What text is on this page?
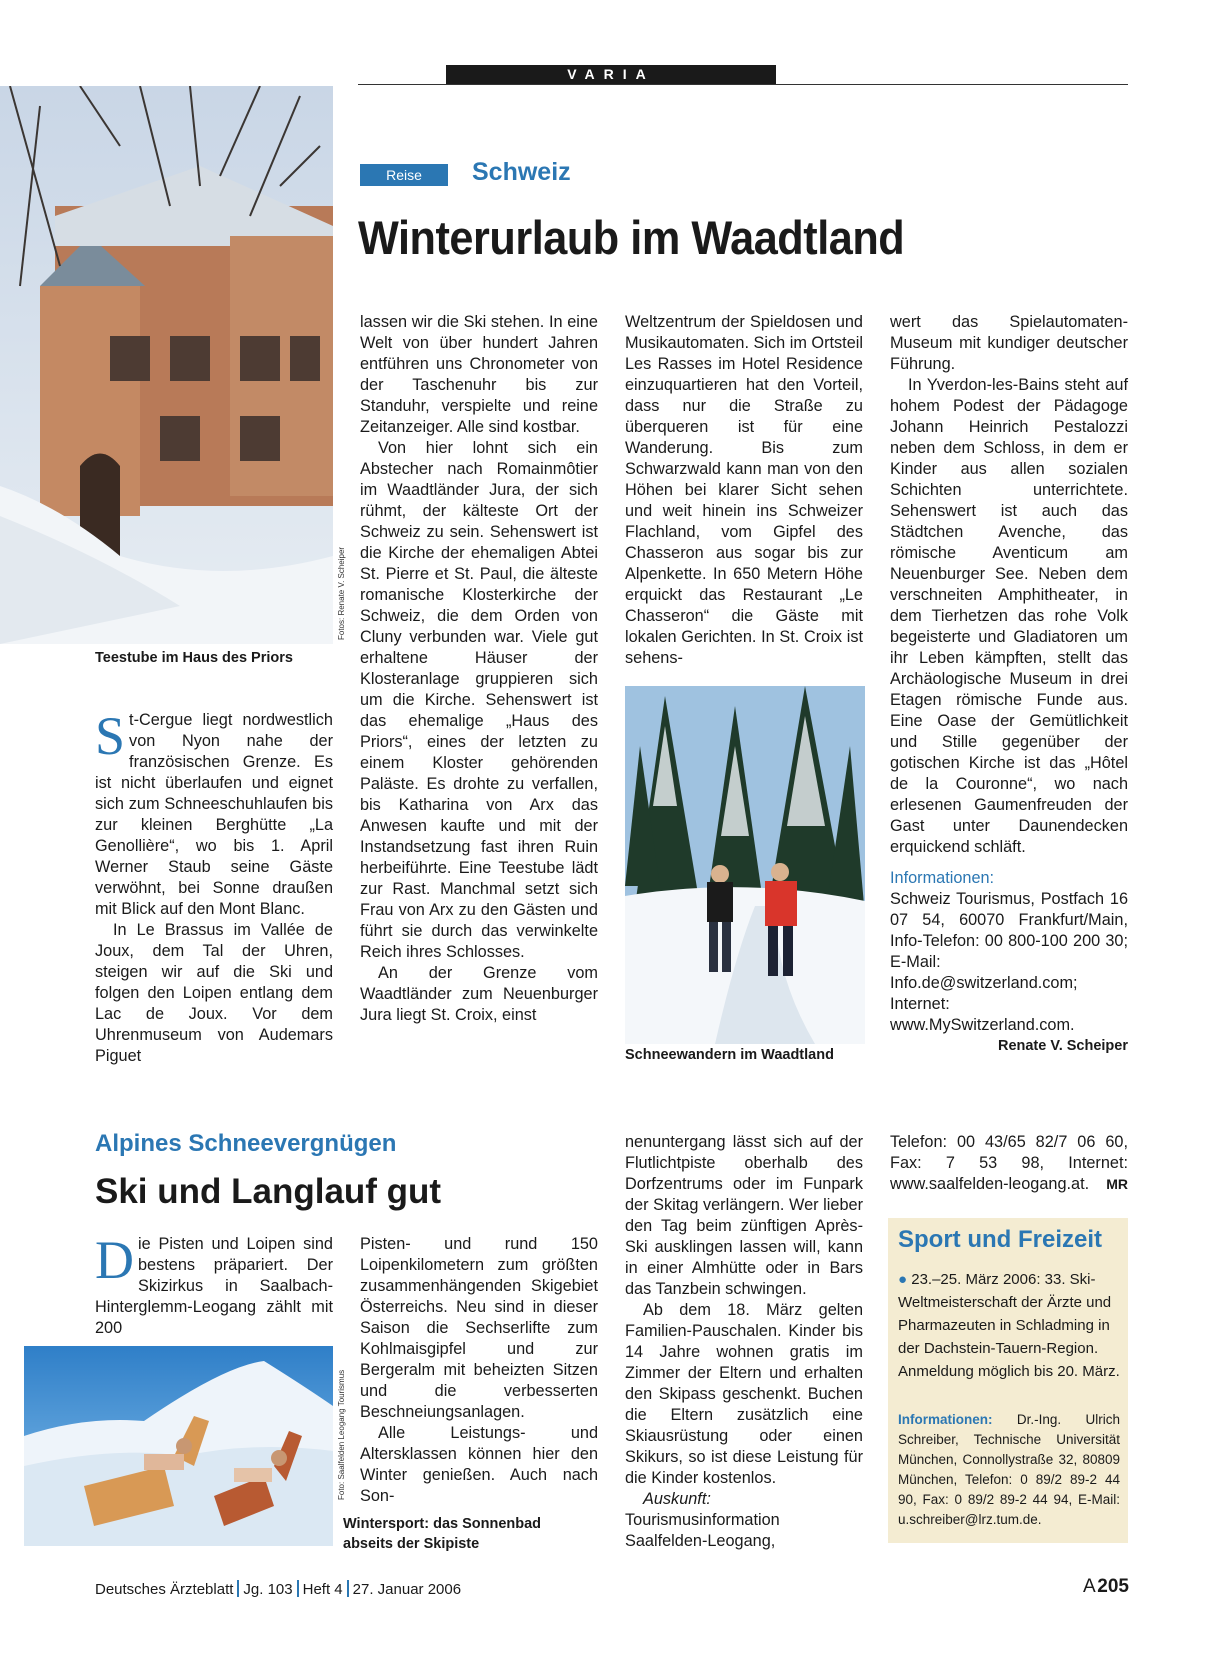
VARIA
Fotos: Renate V. Scheiper
Teestube im Haus des Priors
Reise	Schweiz
Winterurlaub im Waadtland

St-Cergue liegt nordwestlich von Nyon nahe der französischen Grenze. Es ist nicht überlaufen und eignet sich zum Schneeschuhlaufen bis zur kleinen Berghütte „La Genollière“, wo bis 1. April Werner Staub seine Gäste verwöhnt, bei Sonne draußen mit Blick auf den Mont Blanc.

In Le Brassus im Vallée de Joux, dem Tal der Uhren, steigen wir auf die Ski und folgen den Loipen entlang dem Lac de Joux. Vor dem Uhrenmuseum von Audemars Piguet

lassen wir die Ski stehen. In eine Welt von über hundert Jahren entführen uns Chronometer von der Taschenuhr bis zur Standuhr, verspielte und reine Zeitanzeiger. Alle sind kostbar.

Von hier lohnt sich ein Abstecher nach Romainmôtier im Waadtländer Jura, der sich rühmt, der kälteste Ort der Schweiz zu sein. Sehenswert ist die Kirche der ehemaligen Abtei St. Pierre et St. Paul, die älteste romanische Klosterkirche der Schweiz, die dem Orden von Cluny verbunden war. Viele gut erhaltene Häuser der Klosteranlage gruppieren sich um die Kirche. Sehenswert ist das ehemalige „Haus des Priors“, eines der letzten zu einem Kloster gehörenden Paläste. Es drohte zu verfallen, bis Katharina von Arx das Anwesen kaufte und mit der Instandsetzung fast ihren Ruin herbeiführte. Eine Teestube lädt zur Rast. Manchmal setzt sich Frau von Arx zu den Gästen und führt sie durch das verwinkelte Reich ihres Schlosses.

An der Grenze vom Waadtländer zum Neuenburger Jura liegt St. Croix, einst

Weltzentrum der Spieldosen und Musikautomaten. Sich im Ortsteil Les Rasses im Hotel Residence einzuquartieren hat den Vorteil, dass nur die Straße zu überqueren ist für eine Wanderung. Bis zum Schwarzwald kann man von den Höhen bei klarer Sicht sehen und weit hinein ins Schweizer Flachland, vom Gipfel des Chasseron aus sogar bis zur Alpenkette. In 650 Metern Höhe erquickt das Restaurant „Le Chasseron“ die Gäste mit lokalen Gerichten. In St. Croix ist sehens-

Schneewandern im Waadtland

wert das Spielautomaten-Museum mit kundiger deutscher Führung.

In Yverdon-les-Bains steht auf hohem Podest der Pädagoge Johann Heinrich Pestalozzi neben dem Schloss, in dem er Kinder aus allen sozialen Schichten unterrichtete. Sehenswert ist auch das Städtchen Avenche, das römische Aventicum am Neuenburger See. Neben dem verschneiten Amphitheater, in dem Tierhetzen das rohe Volk begeisterte und Gladiatoren um ihr Leben kämpften, stellt das Archäologische Museum in drei Etagen römische Funde aus. Eine Oase der Gemütlichkeit und Stille gegenüber der gotischen Kirche ist das „Hôtel de la Couronne“, wo nach erlesenen Gaumenfreuden der Gast unter Daunendecken erquickend schläft.

Informationen:
Schweiz Tourismus, Postfach 16 07 54, 60070 Frankfurt/Main, Info-Telefon: 00 800-100 200 30; E-Mail: Info.de@switzerland.com; Internet: www.MySwitzerland.com.
Renate V. Scheiper
Alpines Schneevergnügen
Ski und Langlauf gut

Die Pisten und Loipen sind bestens präpariert. Der Skizirkus in Saalbach-Hinterglemm-Leogang zählt mit 200

Foto: Saalfelden Leogang Tourismus
Wintersport: das Sonnenbad
abseits der Skipiste

Pisten- und rund 150 Loipenkilometern zum größten zusammenhängenden Skigebiet Österreichs. Neu sind in dieser Saison die Sechserlifte zum Kohlmaisgipfel und zur Bergeralm mit beheizten Sitzen und die verbesserten Beschneiungsanlagen.

Alle Leistungs- und Altersklassen können hier den Winter genießen. Auch nach Son-

nenuntergang lässt sich auf der Flutlichtpiste oberhalb des Dorfzentrums oder im Funpark der Skitag verlängern. Wer lieber den Tag beim zünftigen Après-Ski ausklingen lassen will, kann in einer Almhütte oder in Bars das Tanzbein schwingen.

Ab dem 18. März gelten Familien-Pauschalen. Kinder bis 14 Jahre wohnen gratis im Zimmer der Eltern und erhalten den Skipass geschenkt. Buchen die Eltern zusätzlich eine Skiausrüstung oder einen Skikurs, so ist diese Leistung für die Kinder kostenlos.

Auskunft: Tourismusinformation Saalfelden-Leogang,

Telefon: 00 43/65 82/7 06 60, Fax: 7 53 98, Internet: www.saalfelden-leogang.at. MR

Sport und Freizeit
● 23.–25. März 2006: 33. Ski-Weltmeisterschaft der Ärzte und Pharmazeuten in Schladming in der Dachstein-Tauern-Region. Anmeldung möglich bis 20. März.
Informationen: Dr.-Ing. Ulrich Schreiber, Technische Universität München, Connollystraße 32, 80809 München, Telefon: 0 89/2 89-2 44 90, Fax: 0 89/2 89-2 44 94, E-Mail: u.schreiber@lrz.tum.de.
Deutsches Ärzteblatt Jg. 103 Heft 4 27. Januar 2006	A 205
